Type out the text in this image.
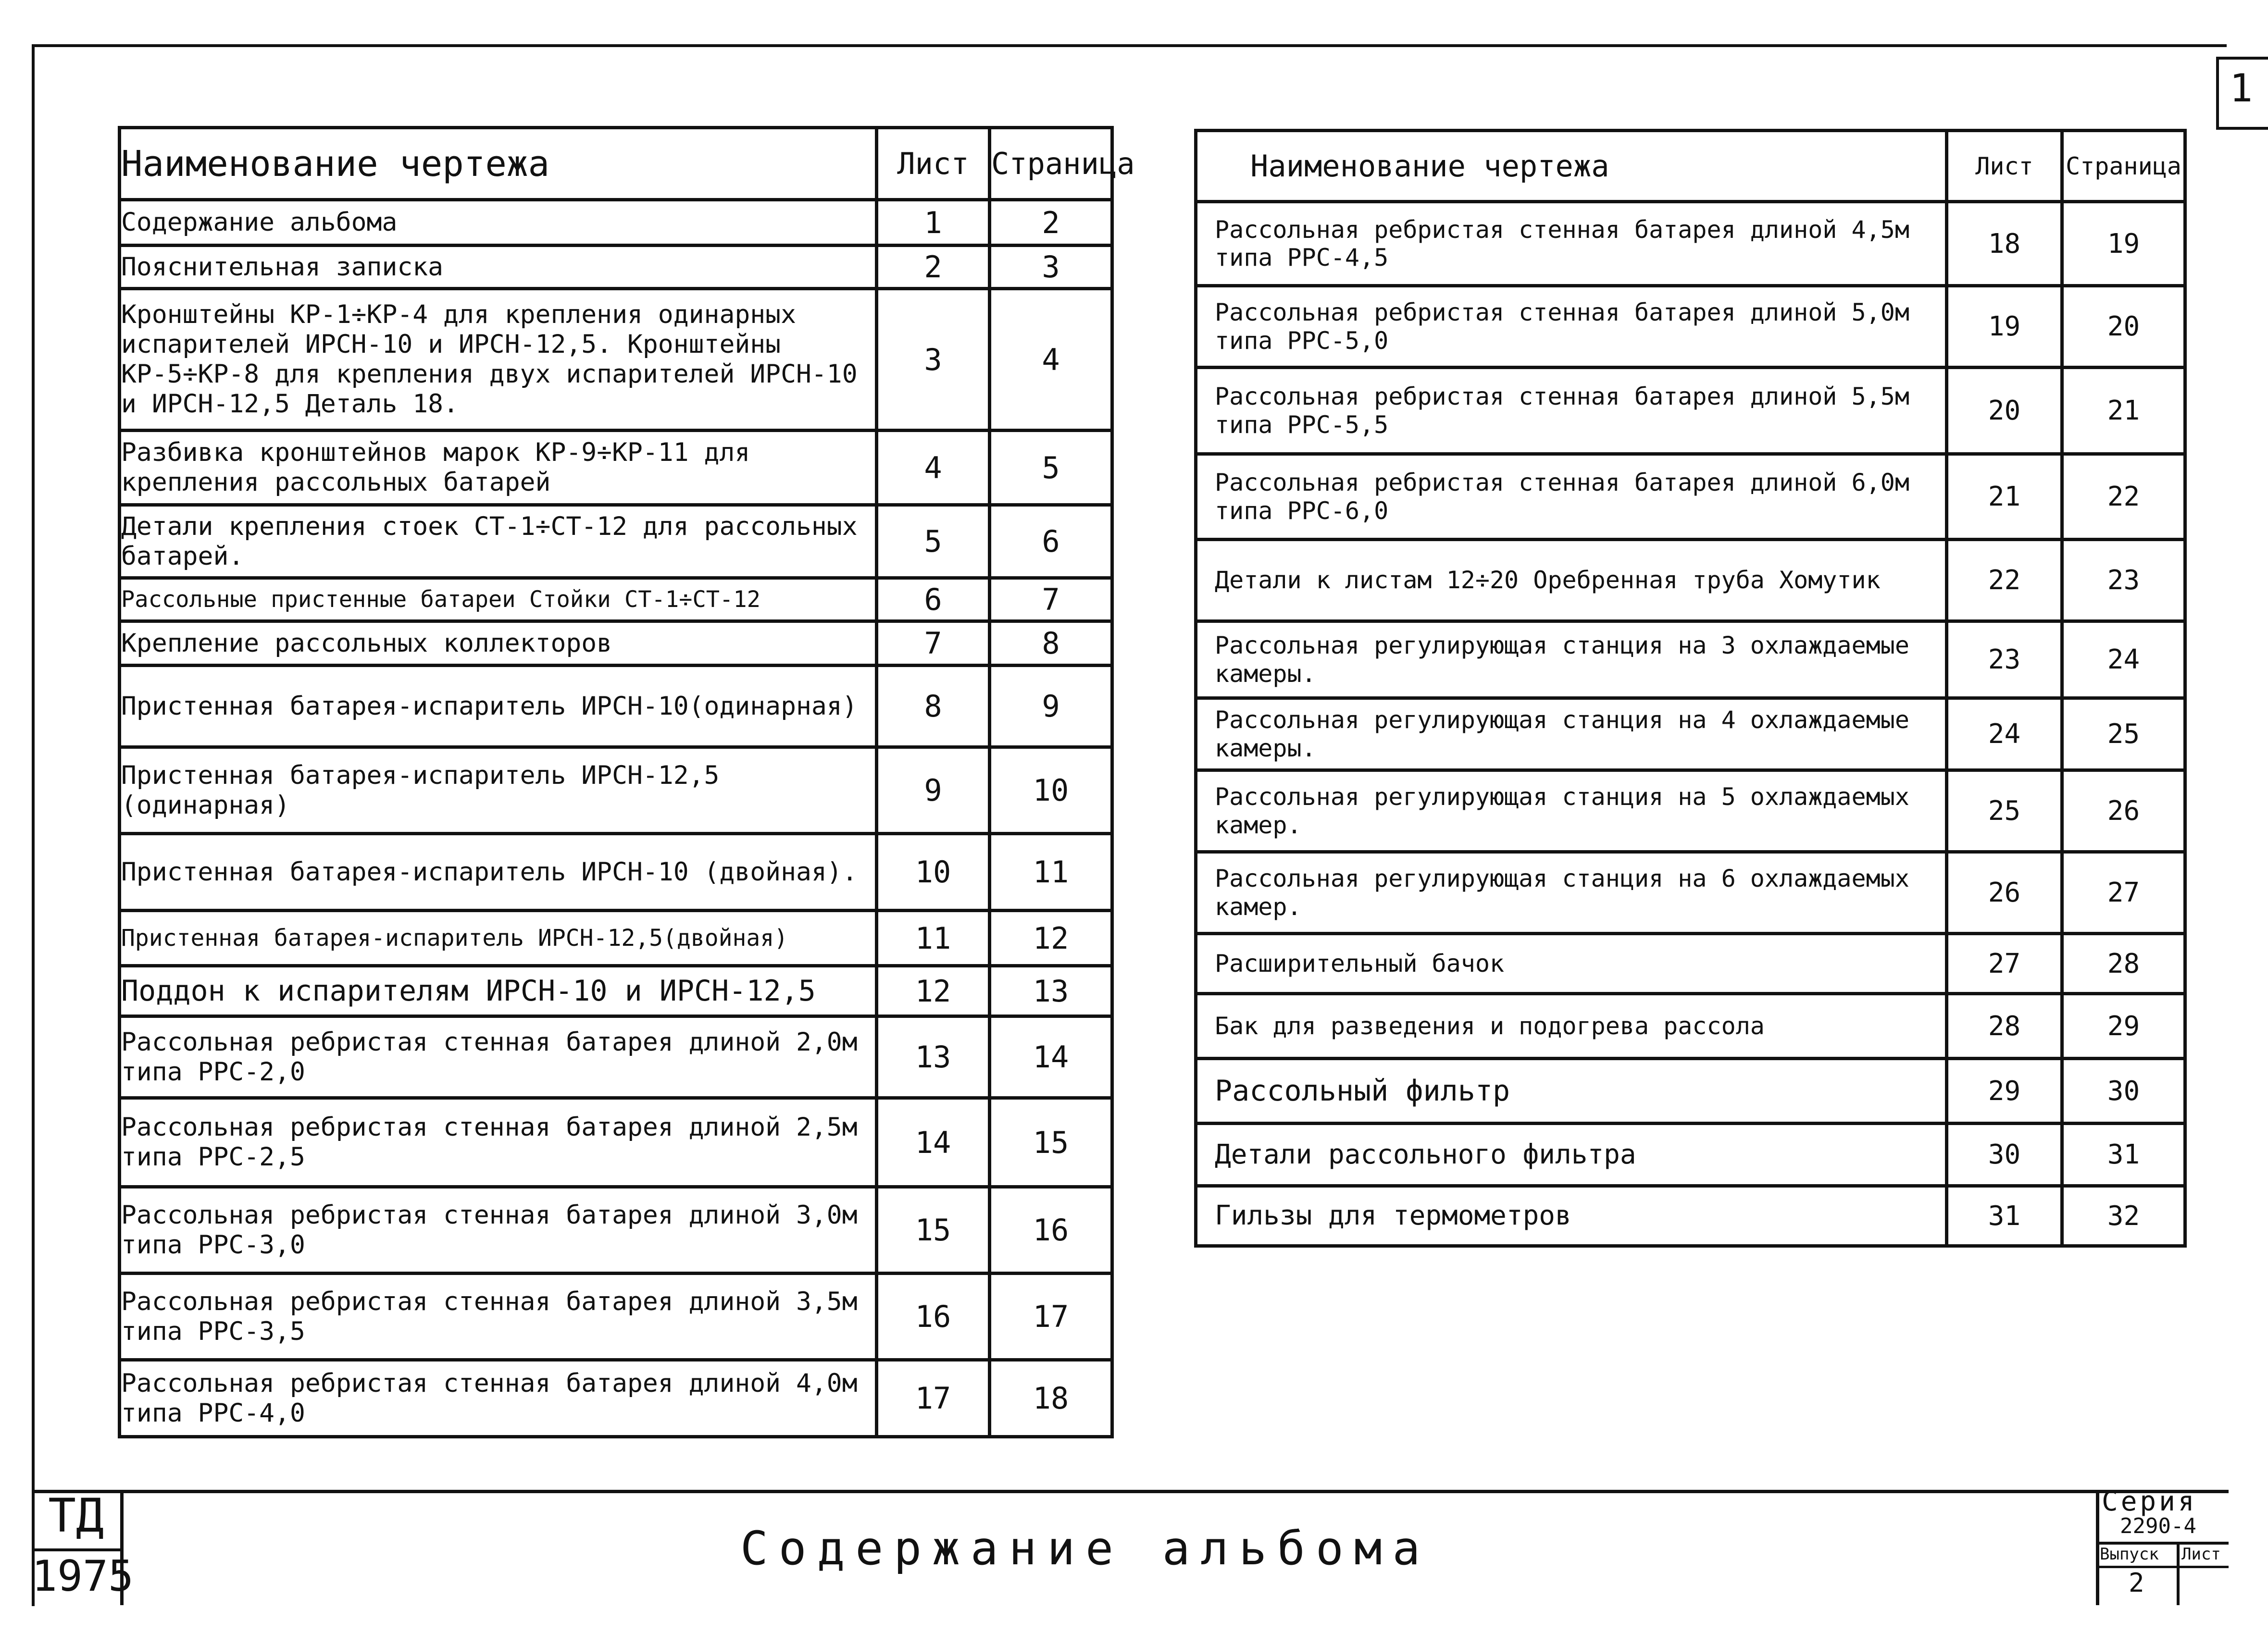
1
Наименование чертежа	Лист	Страница
Содержание альбома	1	2
Пояснительная записка	2	3
Кронштейны КР-1÷КР-4 для крепления одинарных испарителей ИРСН-10 и ИРСН-12,5. Кронштейны КР-5÷КР-8 для крепления двух испарителей ИРСН-10 и ИРСН-12,5 Деталь 18.	3	4
Разбивка кронштейнов марок КР-9÷КР-11 для крепления рассольных батарей	4	5
Детали крепления стоек СТ-1÷СТ-12 для рассольных батарей.	5	6
Рассольные пристенные батареи Стойки СТ-1÷СТ-12	6	7
Крепление рассольных коллекторов	7	8
Пристенная батарея-испаритель ИРСН-10(одинарная)	8	9
Пристенная батарея-испаритель ИРСН-12,5 (одинарная)	9	10
Пристенная батарея-испаритель ИРСН-10 (двойная).	10	11
Пристенная батарея-испаритель ИРСН-12,5(двойная)	11	12
Поддон к испарителям ИРСН-10 и ИРСН-12,5	12	13
Рассольная ребристая стенная батарея длиной 2,0м типа РРС-2,0	13	14
Рассольная ребристая стенная батарея длиной 2,5м типа РРС-2,5	14	15
Рассольная ребристая стенная батарея длиной 3,0м типа РРС-3,0	15	16
Рассольная ребристая стенная батарея длиной 3,5м типа РРС-3,5	16	17
Рассольная ребристая стенная батарея длиной 4,0м типа РРС-4,0	17	18
Наименование чертежа	Лист	Страница
Рассольная ребристая стенная батарея длиной 4,5м типа РРС-4,5	18	19
Рассольная ребристая стенная батарея длиной 5,0м типа РРС-5,0	19	20
Рассольная ребристая стенная батарея длиной 5,5м типа РРС-5,5	20	21
Рассольная ребристая стенная батарея длиной 6,0м типа РРС-6,0	21	22
Детали к листам 12÷20 Оребренная труба Хомутик	22	23
Рассольная регулирующая станция на 3 охлаждаемые камеры.	23	24
Рассольная регулирующая станция на 4 охлаждаемые камеры.	24	25
Рассольная регулирующая станция на 5 охлаждаемых камер.	25	26
Рассольная регулирующая станция на 6 охлаждаемых камер.	26	27
Расширительный бачок	27	28
Бак для разведения и подогрева рассола	28	29
Рассольный фильтр	29	30
Детали рассольного фильтра	30	31
Гильзы для термометров	31	32
ТД
1975
Содержание альбома
Серия
2290-4
Выпуск Лист
2
